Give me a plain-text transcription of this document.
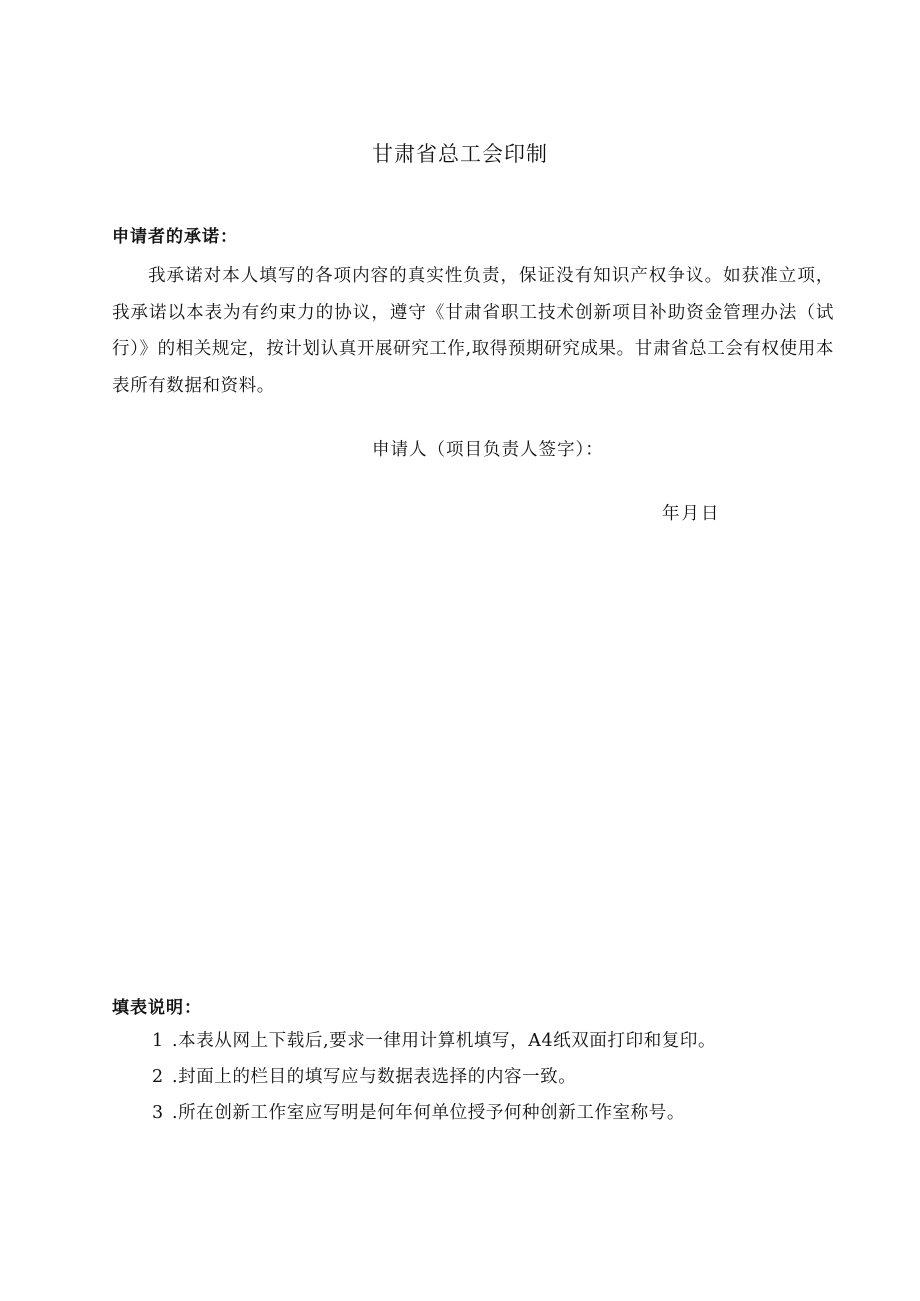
甘肃省总工会印制
申请者的承诺：

我承诺对本人填写的各项内容的真实性负责，保证没有知识产权争议。如获准立项，我承诺以本表为有约束力的协议，遵守《甘肃省职工技术创新项目补助资金管理办法（试行）》的相关规定，按计划认真开展研究工作,取得预期研究成果。甘肃省总工会有权使用本表所有数据和资料。

申请人（项目负责人签字）：
年月日
填表说明：
1 .本表从网上下载后,要求一律用计算机填写，A4纸双面打印和复印。
2 .封面上的栏目的填写应与数据表选择的内容一致。
3 .所在创新工作室应写明是何年何单位授予何种创新工作室称号。
